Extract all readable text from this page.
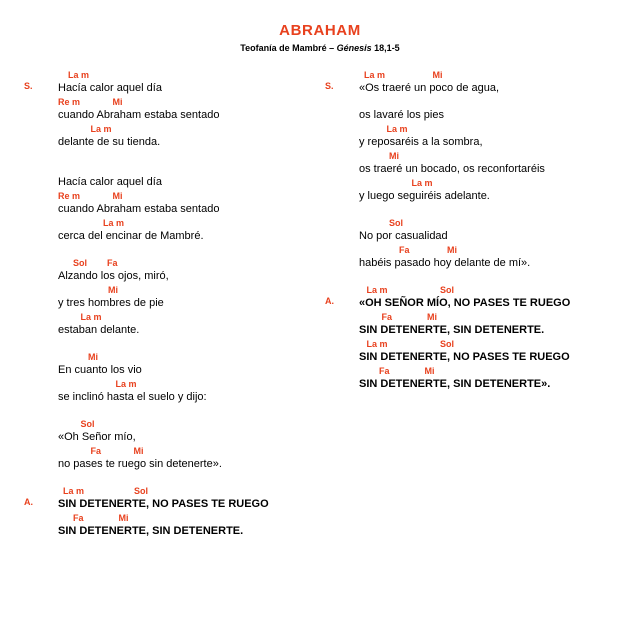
ABRAHAM
Teofanía de Mambré – Génesis 18,1-5
S.
La m
Hacía calor aquel día
Re m             Mi
cuando Abraham estaba sentado
La m
delante de su tienda.
Hacía calor aquel día
Re m             Mi
cuando Abraham estaba sentado
La m
cerca del encinar de Mambré.
Sol        Fa
Alzando los ojos, miró,
Mi
y tres hombres de pie
La m
estaban delante.
Mi
En cuanto los vio
La m
se inclinó hasta el suelo y dijo:
Sol
«Oh Señor mío,
Fa             Mi
no pases te ruego sin detenerte».
A.
La m                    Sol
SIN DETENERTE, NO PASES TE RUEGO
Fa              Mi
SIN DETENERTE, SIN DETENERTE.
S.
La m                   Mi
«Os traeré un poco de agua,
os lavaré los pies
La m
y reposaréis a la sombra,
Mi
os traeré un bocado, os reconfortaréis
La m
y luego seguiréis adelante.
Sol
No por casualidad
Fa               Mi
habéis pasado hoy delante de mí».
A.
La m                     Sol
«OH SEÑOR MÍO, NO PASES TE RUEGO
Fa              Mi
SIN DETENERTE, SIN DETENERTE.
La m                     Sol
SIN DETENERTE, NO PASES TE RUEGO
Fa              Mi
SIN DETENERTE, SIN DETENERTE».
